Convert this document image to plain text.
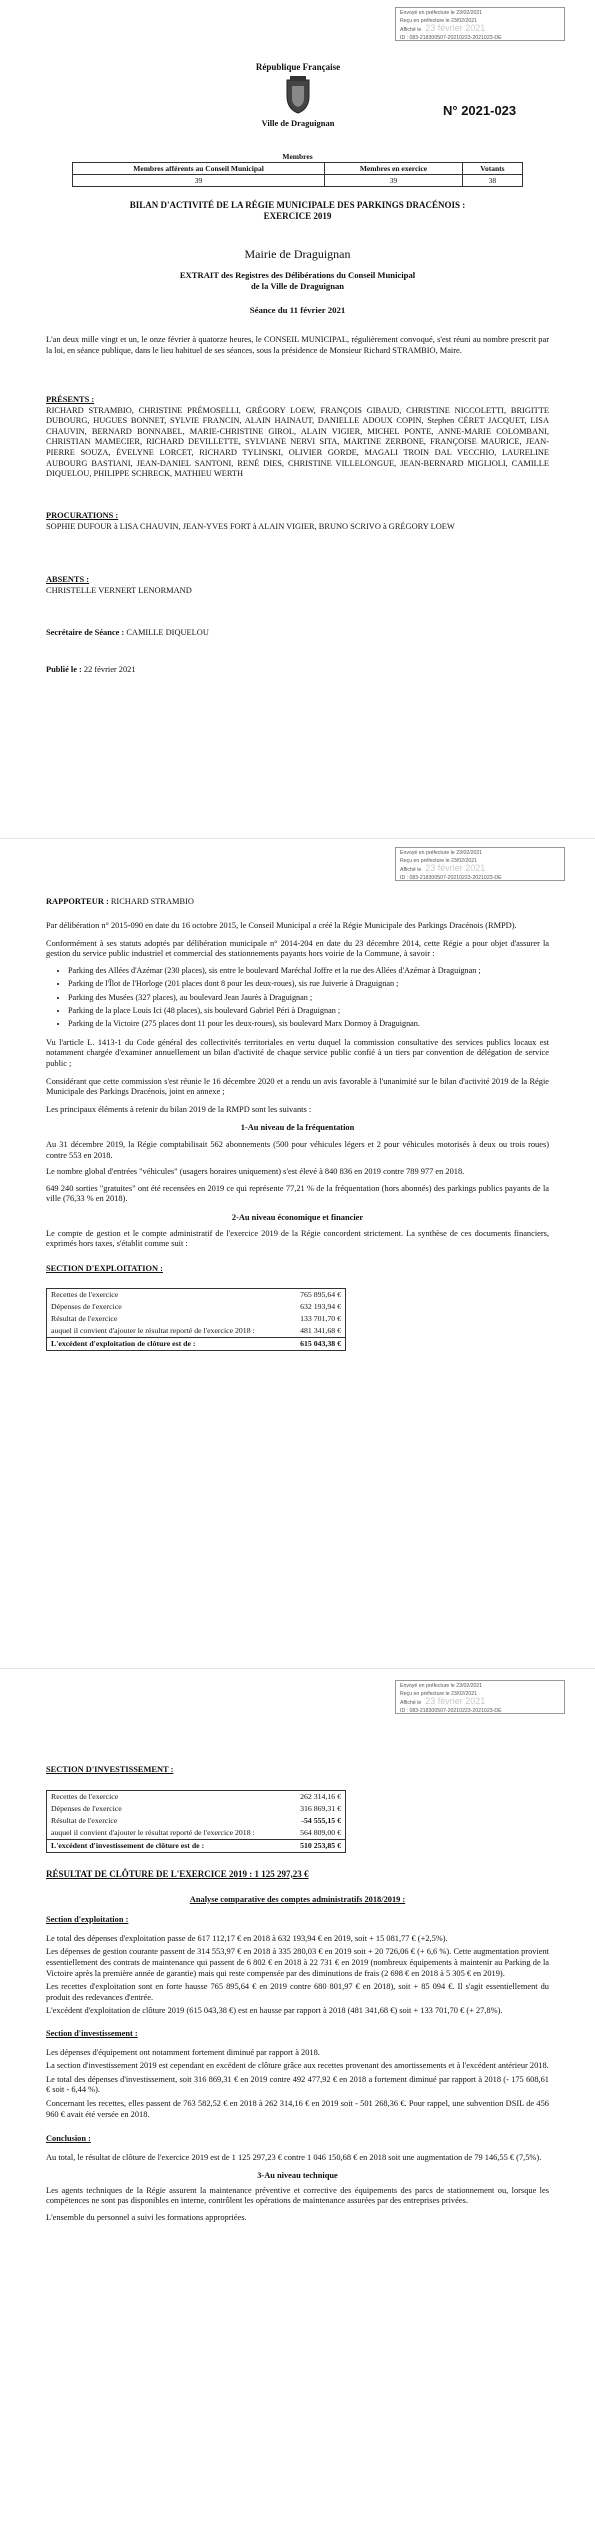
Envoyé en préfecture le 23/02/2021
Reçu en préfecture le 23/02/2021
Affiché le 23 février 2021
ID : 083-218300507-20210223-2021023-DE
République Française
Ville de Draguignan
N° 2021-023
Membres		
Membres afférents au Conseil Municipal	Membres en exercice	Votants
39	39	38
BILAN D'ACTIVITÉ DE LA RÉGIE MUNICIPALE DES PARKINGS DRACÉNOIS :
EXERCICE 2019
Mairie de Draguignan
EXTRAIT des Registres des Délibérations du Conseil Municipal
de la Ville de Draguignan
Séance du 11 février 2021
L'an deux mille vingt et un, le onze février à quatorze heures, le CONSEIL MUNICIPAL, régulièrement convoqué, s'est réuni au nombre prescrit par la loi, en séance publique, dans le lieu habituel de ses séances, sous la présidence de Monsieur Richard STRAMBIO, Maire.
PRÉSENTS :
RICHARD STRAMBIO, CHRISTINE PRÉMOSELLI, GRÉGORY LOEW, FRANÇOIS GIBAUD, CHRISTINE NICCOLETTI, BRIGITTE DUBOURG, HUGUES BONNET, SYLVIE FRANCIN, ALAIN HAINAUT, DANIELLE ADOUX COPIN, Stephen CÉRET JACQUET, LISA CHAUVIN, BERNARD BONNABEL, MARIE-CHRISTINE GIROL, ALAIN VIGIER, MICHEL PONTE, ANNE-MARIE COLOMBANI, CHRISTIAN MAMECIER, RICHARD DEVILLETTE, SYLVIANE NERVI SITA, MARTINE ZERBONE, FRANÇOISE MAURICE, JEAN-PIERRE SOUZA, ÉVELYNE LORCET, RICHARD TYLINSKI, OLIVIER GORDE, MAGALI TROIN DAL VECCHIO, LAURELINE AUBOURG BASTIANI, JEAN-DANIEL SANTONI, RENÉ DIES, CHRISTINE VILLELONGUE, JEAN-BERNARD MIGLIOLI, CAMILLE DIQUELOU, PHILIPPE SCHRECK, MATHIEU WERTH
PROCURATIONS :
SOPHIE DUFOUR à LISA CHAUVIN, JEAN-YVES FORT à ALAIN VIGIER, BRUNO SCRIVO à GRÉGORY LOEW
ABSENTS :
CHRISTELLE VERNERT LENORMAND
Secrétaire de Séance : CAMILLE DIQUELOU
Publié le : 22 février 2021
Envoyé en préfecture le 23/02/2021
Reçu en préfecture le 23/02/2021
Affiché le 23 février 2021
ID : 083-218300507-20210223-2021023-DE
RAPPORTEUR : RICHARD STRAMBIO

Par délibération n° 2015-090 en date du 16 octobre 2015, le Conseil Municipal a créé la Régie Municipale des Parkings Dracénois (RMPD).

Conformément à ses statuts adoptés par délibération municipale n° 2014-204 en date du 23 décembre 2014, cette Régie a pour objet d'assurer la gestion du service public industriel et commercial des stationnements payants hors voirie de la Commune, à savoir :

• Parking des Allées d'Azémar (230 places), sis entre le boulevard Maréchal Joffre et la rue des Allées d'Azémar à Draguignan ;
• Parking de l'Îlot de l'Horloge (201 places dont 8 pour les deux-roues), sis rue Juiverie à Draguignan ;
• Parking des Musées (327 places), au boulevard Jean Jaurès à Draguignan ;
• Parking de la place Louis Ici (48 places), sis boulevard Gabriel Péri à Draguignan ;
• Parking de la Victoire (275 places dont 11 pour les deux-roues), sis boulevard Marx Dormoy à Draguignan.

Vu l'article L. 1413-1 du Code général des collectivités territoriales en vertu duquel la commission consultative des services publics locaux est notamment chargée d'examiner annuellement un bilan d'activité de chaque service public confié à un tiers par convention de délégation de service public ;

Considérant que cette commission s'est réunie le 16 décembre 2020 et a rendu un avis favorable à l'unanimité sur le bilan d'activité 2019 de la Régie Municipale des Parkings Dracénois, joint en annexe ;

Les principaux éléments à retenir du bilan 2019 de la RMPD sont les suivants :

1-Au niveau de la fréquentation

Au 31 décembre 2019, la Régie comptabilisait 562 abonnements (500 pour véhicules légers et 2 pour véhicules motorisés à deux ou trois roues) contre 553 en 2018.

Le nombre global d'entrées "véhicules" (usagers horaires uniquement) s'est élevé à 840 836 en 2019 contre 789 977 en 2018.

649 240 sorties "gratuites" ont été recensées en 2019 ce qui représente 77,21 % de la fréquentation (hors abonnés) des parkings publics payants de la ville (76,33 % en 2018).

2-Au niveau économique et financier

Le compte de gestion et le compte administratif de l'exercice 2019 de la Régie concordent strictement. La synthèse de ces documents financiers, exprimés hors taxes, s'établit comme suit :

SECTION D'EXPLOITATION :
Recettes de l'exercice	765 895,64 €
Dépenses de l'exercice	632 193,94 €
Résultat de l'exercice	133 701,70 €
auquel il convient d'ajouter le résultat reporté de l'exercice 2018 :	481 341,68 €
L'excédent d'exploitation de clôture est de :	615 043,38 €
Envoyé en préfecture le 23/02/2021
Reçu en préfecture le 23/02/2021
Affiché le 23 février 2021
ID : 083-218300507-20210223-2021023-DE
SECTION D'INVESTISSEMENT :
Recettes de l'exercice	262 314,16 €
Dépenses de l'exercice	316 869,31 €
Résultat de l'exercice	-54 555,15 €
auquel il convient d'ajouter le résultat reporté de l'exercice 2018 :	564 809,00 €
L'excédent d'investissement de clôture est de :	510 253,85 €
RÉSULTAT DE CLÔTURE DE L'EXERCICE 2019 : 1 125 297,23 €
Analyse comparative des comptes administratifs 2018/2019 :
Section d'exploitation :

Le total des dépenses d'exploitation passe de 617 112,17 € en 2018 à 632 193,94 € en 2019, soit + 15 081,77 € (+2,5%).

Les dépenses de gestion courante passent de 314 553,97 € en 2018 à 335 280,03 € en 2019 soit + 20 726,06 € (+ 6,6 %). Cette augmentation provient essentiellement des contrats de maintenance qui passent de 6 802 € en 2018 à 22 731 € en 2019 (nombreux équipements à maintenir au Parking de la Victoire après la première année de garantie) mais qui reste compensée par des diminutions de frais (2 698 € en 2018 à 5 305 € en 2019).

Les recettes d'exploitation sont en forte hausse 765 895,64 € en 2019 contre 680 801,97 € en 2018), soit + 85 094 €. Il s'agit essentiellement du produit des redevances d'entrée.

L'excédent d'exploitation de clôture 2019 (615 043,38 €) est en hausse par rapport à 2018 (481 341,68 €) soit + 133 701,70 € (+ 27,8%).

Section d'investissement :

Les dépenses d'équipement ont notamment fortement diminué par rapport à 2018.

La section d'investissement 2019 est cependant en excédent de clôture grâce aux recettes provenant des amortissements et à l'excédent antérieur 2018.

Le total des dépenses d'investissement, soit 316 869,31 € en 2019 contre 492 477,92 € en 2018 a fortement diminué par rapport à 2018 (- 175 608,61 € soit - 6,44 %).

Concernant les recettes, elles passent de 763 582,52 € en 2018 à 262 314,16 € en 2019 soit - 501 268,36 €. Pour rappel, une subvention DSIL de 456 960 € avait été versée en 2018.

Conclusion :

Au total, le résultat de clôture de l'exercice 2019 est de 1 125 297,23 € contre 1 046 150,68 € en 2018 soit une augmentation de 79 146,55 € (7,5%).

3-Au niveau technique

Les agents techniques de la Régie assurent la maintenance préventive et corrective des équipements des parcs de stationnement ou, lorsque les compétences ne sont pas disponibles en interne, contrôlent les opérations de maintenance assurées par des entreprises privées.

L'ensemble du personnel a suivi les formations appropriées.
